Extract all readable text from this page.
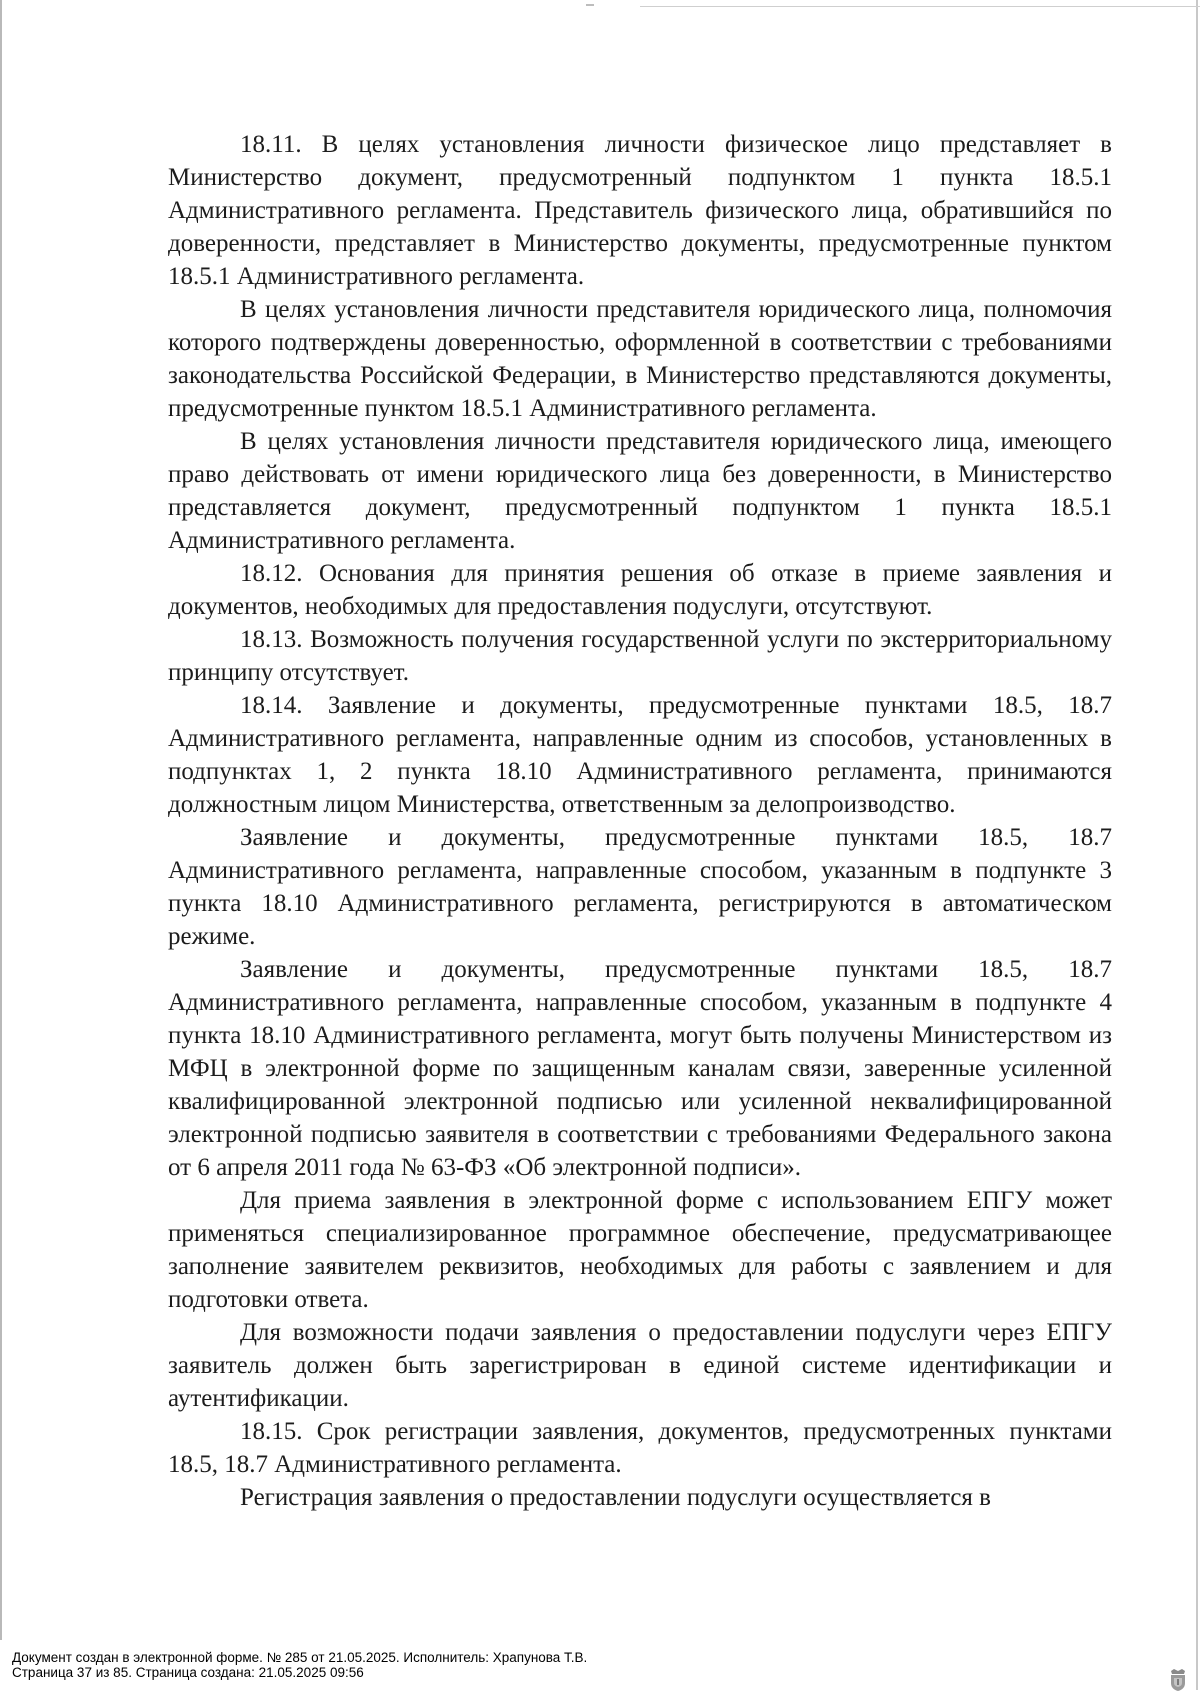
18.11. В целях установления личности физическое лицо представляет в Министерство документ, предусмотренный подпунктом 1 пункта 18.5.1 Административного регламента. Представитель физического лица, обратившийся по доверенности, представляет в Министерство документы, предусмотренные пунктом 18.5.1 Административного регламента.

В целях установления личности представителя юридического лица, полномочия которого подтверждены доверенностью, оформленной в соответствии с требованиями законодательства Российской Федерации, в Министерство представляются документы, предусмотренные пунктом 18.5.1 Административного регламента.

В целях установления личности представителя юридического лица, имеющего право действовать от имени юридического лица без доверенности, в Министерство представляется документ, предусмотренный подпунктом 1 пункта 18.5.1 Административного регламента.

18.12. Основания для принятия решения об отказе в приеме заявления и документов, необходимых для предоставления подуслуги, отсутствуют.

18.13. Возможность получения государственной услуги по экстерриториальному принципу отсутствует.

18.14. Заявление и документы, предусмотренные пунктами 18.5, 18.7 Административного регламента, направленные одним из способов, установленных в подпунктах 1, 2 пункта 18.10 Административного регламента, принимаются должностным лицом Министерства, ответственным за делопроизводство.

Заявление и документы, предусмотренные пунктами 18.5, 18.7 Административного регламента, направленные способом, указанным в подпункте 3 пункта 18.10 Административного регламента, регистрируются в автоматическом режиме.

Заявление и документы, предусмотренные пунктами 18.5, 18.7 Административного регламента, направленные способом, указанным в подпункте 4 пункта 18.10 Административного регламента, могут быть получены Министерством из МФЦ в электронной форме по защищенным каналам связи, заверенные усиленной квалифицированной электронной подписью или усиленной неквалифицированной электронной подписью заявителя в соответствии с требованиями Федерального закона от 6 апреля 2011 года № 63-ФЗ «Об электронной подписи».

Для приема заявления в электронной форме с использованием ЕПГУ может применяться специализированное программное обеспечение, предусматривающее заполнение заявителем реквизитов, необходимых для работы с заявлением и для подготовки ответа.

Для возможности подачи заявления о предоставлении подуслуги через ЕПГУ заявитель должен быть зарегистрирован в единой системе идентификации и аутентификации.

18.15. Срок регистрации заявления, документов, предусмотренных пунктами 18.5, 18.7 Административного регламента.

Регистрация заявления о предоставлении подуслуги осуществляется в

Документ создан в электронной форме. № 285 от 21.05.2025. Исполнитель: Храпунова Т.В.
Страница 37 из 85. Страница создана: 21.05.2025 09:56
